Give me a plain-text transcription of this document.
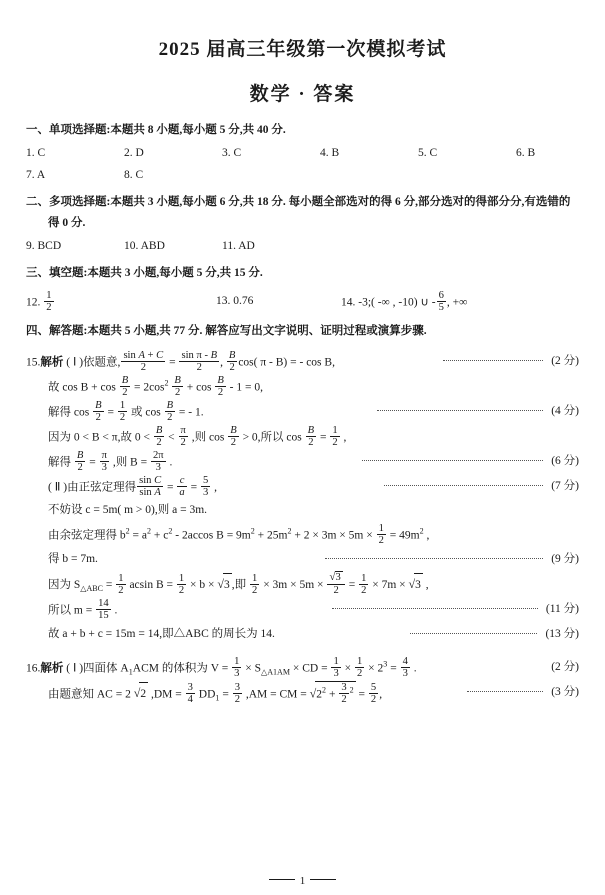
2025 届高三年级第一次模拟考试
数学 · 答案
一、单项选择题:本题共 8 小题,每小题 5 分,共 40 分.
1. C	2. D	3. C	4. B	5. C	6. B
7. A	8. C
二、多项选择题:本题共 3 小题,每小题 6 分,共 18 分. 每小题全部选对的得 6 分,部分选对的得部分分,有选错的
得 0 分.
9. BCD	10. ABD	11. AD
三、填空题:本题共 3 小题,每小题 5 分,共 15 分.
12. $\frac{1}{2}$	13. 0.76	14. -3;( -∞ , -10) ∪ - $\frac{6}{5}$ , +∞
四、解答题:本题共 5 小题,共 77 分. 解答应写出文字说明、证明过程或演算步骤.
15.解析 ( Ⅰ )依题意, $\frac{\text{sin A + C}}{2} = \frac{\text{sin π - B}}{2}$ , $\frac{B}{2} \cos$( π - B) = - cos B,	(2 分)
故 $\cos B + \cos \frac{B}{2} = 2\cos^2 \frac{B}{2} + \cos \frac{B}{2} - 1 = 0$,
解得 $\cos \frac{B}{2} = \frac{1}{2}$ 或 $\cos \frac{B}{2}$ = - 1.	(4 分)
因为 0 < B < π,故 $0 < \frac{B}{2} < \frac{\pi}{2}$ ,则 $\cos \frac{B}{2} > 0$,所以 $\cos \frac{B}{2} = \frac{1}{2}$ ,
解得 $\frac{B}{2} = \frac{\pi}{3}$ ,则 $B = \frac{2\pi}{3}$ .	(6 分)
( Ⅱ )由正弦定理得 $\frac{\text{sin C}}{\text{sin A}} = \frac{c}{a} = \frac{5}{3}$ ,	(7 分)
不妨设 c = 5m( m > 0),则 a = 3m.
由余弦定理得 $b^2 = a^2 + c^2 - 2accos$ $B = 9m^2 + 25m^2 + 2 \times 3m \times 5m \times \frac{1}{2} = 49m^2$ ,
得 b = 7m.	(9 分)
因为 $S_{\triangle ABC} = \frac{1}{2}$ acsin $B = \frac{1}{2} \times b \times √3$ ,即 $\frac{1}{2} \times 3m \times 5m \times \frac{√3}{2} = \frac{1}{2} \times 7m \times √3$ ,
所以 $m = \frac{14}{15}$ .	(11 分)
故 a + b + c = 15m = 14,即△ABC 的周长为 14.	(13 分)
16.解析 ( Ⅰ )四面体 $A_1ACM$ 的体积为 $V = \frac{1}{3} \times S_{\triangle A1AM}$ × CD = $\frac{1}{3} \times \frac{1}{2} \times 2^3 = \frac{4}{3}$ .	(2 分)
由题意知 AC = 2 √2 $,DM = \frac{3}{4} DD_1 = \frac{3}{2} ,AM$ = CM = $√2^2 + \frac{3}{2} ^2 = \frac{5}{2}$ ,	(3 分)
1
